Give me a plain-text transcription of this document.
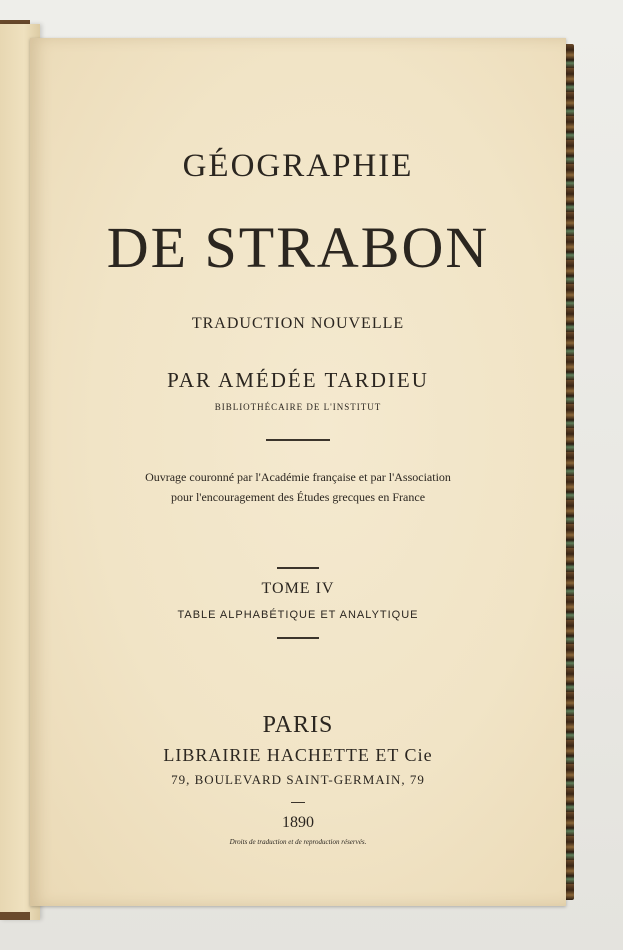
GÉOGRAPHIE
DE STRABON
TRADUCTION NOUVELLE
PAR AMÉDÉE TARDIEU
BIBLIOTHÉCAIRE DE L'INSTITUT
Ouvrage couronné par l'Académie française et par l'Association
pour l'encouragement des Études grecques en France
TOME IV
TABLE ALPHABÉTIQUE ET ANALYTIQUE
PARIS
LIBRAIRIE HACHETTE ET Cie
79, BOULEVARD SAINT-GERMAIN, 79
1890
Droits de traduction et de reproduction réservés.
